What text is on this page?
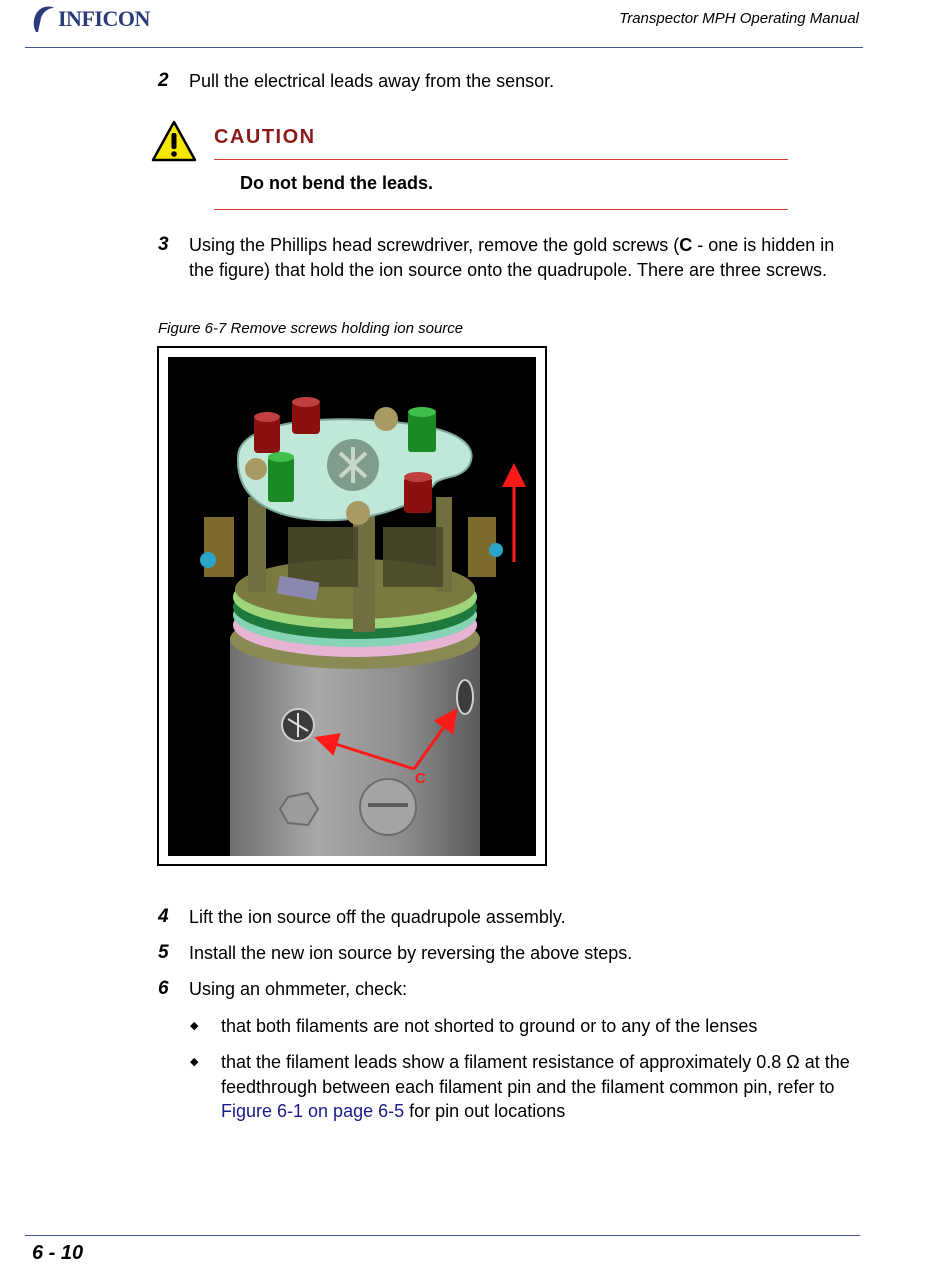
INFICON	Transpector MPH Operating Manual
2 Pull the electrical leads away from the sensor.
CAUTION
Do not bend the leads.
3 Using the Phillips head screwdriver, remove the gold screws (C - one is hidden in the figure) that hold the ion source onto the quadrupole. There are three screws.
Figure 6-7 Remove screws holding ion source
C
4 Lift the ion source off the quadrupole assembly.
5 Install the new ion source by reversing the above steps.
6 Using an ohmmeter, check:
◆ that both filaments are not shorted to ground or to any of the lenses
◆ that the filament leads show a filament resistance of approximately 0.8 Ω at the feedthrough between each filament pin and the filament common pin, refer to Figure 6-1 on page 6-5 for pin out locations
6 - 10
